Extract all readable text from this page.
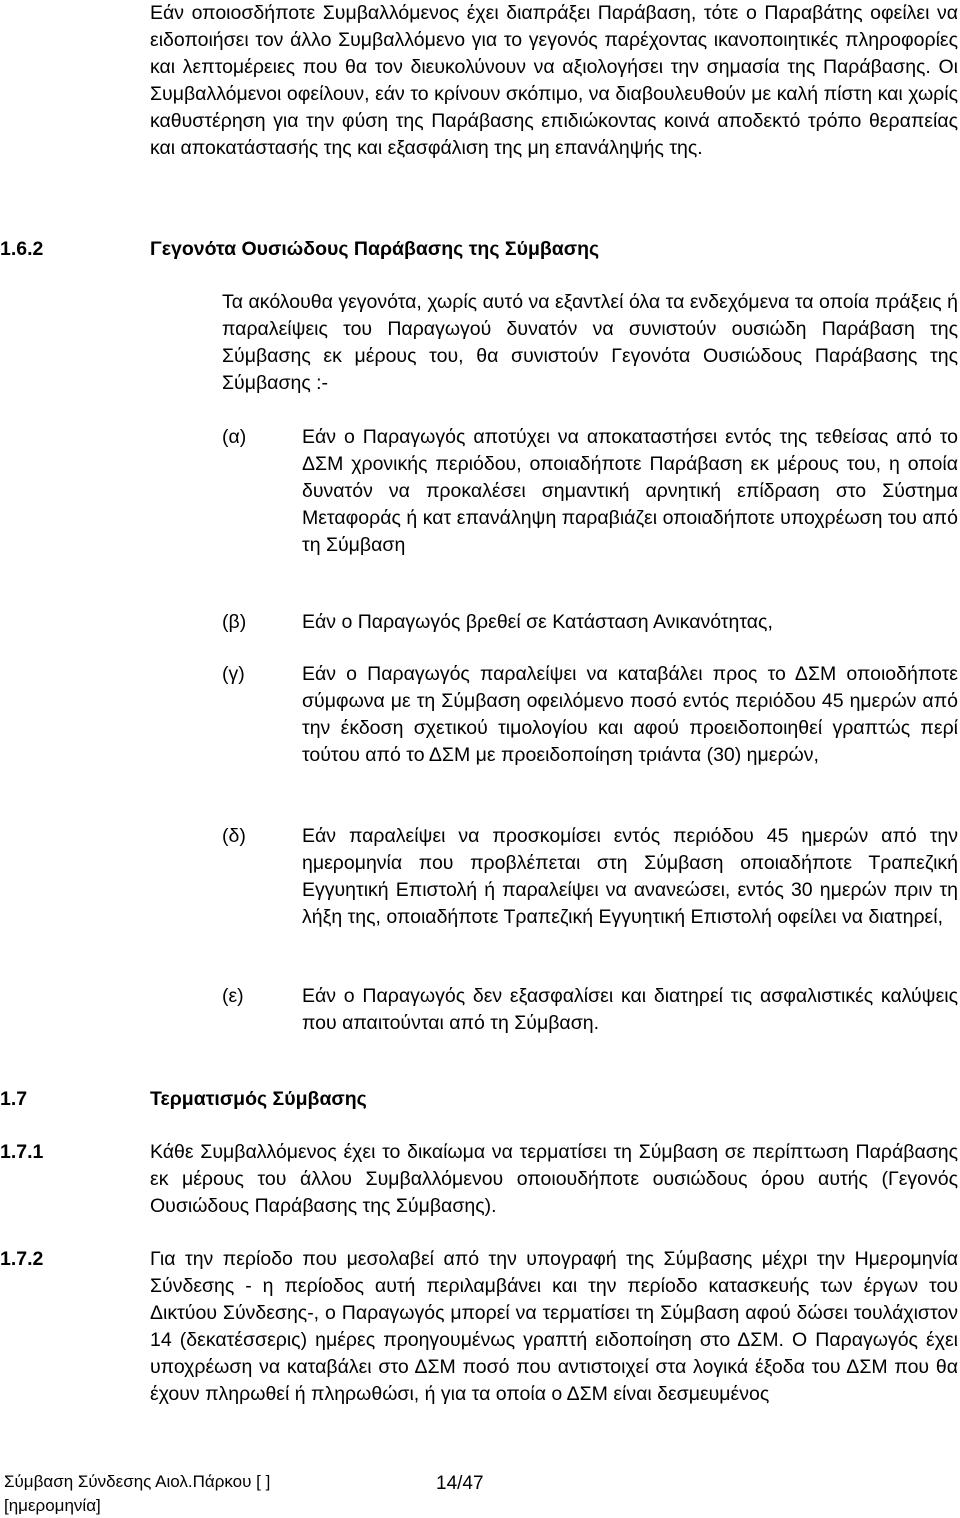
Εάν οποιοσδήποτε Συμβαλλόμενος έχει διαπράξει Παράβαση, τότε ο Παραβάτης οφείλει να ειδοποιήσει τον άλλο Συμβαλλόμενο για το γεγονός παρέχοντας ικανοποιητικές πληροφορίες και λεπτομέρειες που θα τον διευκολύνουν να αξιολογήσει την σημασία της Παράβασης. Οι Συμβαλλόμενοι οφείλουν, εάν το κρίνουν σκόπιμο, να διαβουλευθούν με καλή πίστη και χωρίς καθυστέρηση για την φύση της Παράβασης επιδιώκοντας κοινά αποδεκτό τρόπο θεραπείας και αποκατάστασής της και εξασφάλιση της μη επανάληψής της.

1.6.2	Γεγονότα Ουσιώδους Παράβασης της Σύμβασης

Τα ακόλουθα γεγονότα, χωρίς αυτό να εξαντλεί όλα τα ενδεχόμενα τα οποία πράξεις ή παραλείψεις του Παραγωγού δυνατόν να συνιστούν ουσιώδη Παράβαση της Σύμβασης εκ μέρους του, θα συνιστούν Γεγονότα Ουσιώδους Παράβασης της Σύμβασης :-

(α)	Εάν ο Παραγωγός αποτύχει να αποκαταστήσει εντός της τεθείσας από το ΔΣΜ χρονικής περιόδου, οποιαδήποτε Παράβαση εκ μέρους του, η οποία δυνατόν να προκαλέσει σημαντική αρνητική επίδραση στο Σύστημα Μεταφοράς ή κατ επανάληψη παραβιάζει οποιαδήποτε υποχρέωση του από τη Σύμβαση
(β)	Εάν ο Παραγωγός βρεθεί σε Κατάσταση Ανικανότητας,
(γ)	Εάν ο Παραγωγός παραλείψει να καταβάλει προς το ΔΣΜ οποιοδήποτε σύμφωνα με τη Σύμβαση οφειλόμενο ποσό εντός περιόδου 45 ημερών από την έκδοση σχετικού τιμολογίου και αφού προειδοποιηθεί γραπτώς περί τούτου από το ΔΣΜ με προειδοποίηση τριάντα (30) ημερών,
(δ)	Εάν παραλείψει να προσκομίσει εντός περιόδου 45 ημερών από την ημερομηνία που προβλέπεται στη Σύμβαση οποιαδήποτε Τραπεζική Εγγυητική Επιστολή ή παραλείψει να ανανεώσει, εντός 30 ημερών πριν τη λήξη της, οποιαδήποτε Τραπεζική Εγγυητική Επιστολή οφείλει να διατηρεί,
(ε)	Εάν ο Παραγωγός δεν εξασφαλίσει και διατηρεί τις ασφαλιστικές καλύψεις που απαιτούνται από τη Σύμβαση.
1.7	Τερματισμός Σύμβασης
1.7.1	Κάθε Συμβαλλόμενος έχει το δικαίωμα να τερματίσει τη Σύμβαση σε περίπτωση Παράβασης εκ μέρους του άλλου Συμβαλλόμενου οποιουδήποτε ουσιώδους όρου αυτής (Γεγονός Ουσιώδους Παράβασης της Σύμβασης).

1.7.2	Για την περίοδο που μεσολαβεί από την υπογραφή της Σύμβασης μέχρι την Ημερομηνία Σύνδεσης - η περίοδος αυτή περιλαμβάνει και την περίοδο κατασκευής των έργων του Δικτύου Σύνδεσης-, ο Παραγωγός μπορεί να τερματίσει τη Σύμβαση αφού δώσει τουλάχιστον 14 (δεκατέσσερις) ημέρες προηγουμένως γραπτή ειδοποίηση στο ΔΣΜ. Ο Παραγωγός έχει υποχρέωση να καταβάλει στο ΔΣΜ ποσό που αντιστοιχεί στα λογικά έξοδα του ΔΣΜ που θα έχουν πληρωθεί ή πληρωθώσι, ή για τα οποία ο ΔΣΜ είναι δεσμευμένος

Σύμβαση Σύνδεσης Αιολ.Πάρκου [ ]
[ημερομηνία]
14/47
